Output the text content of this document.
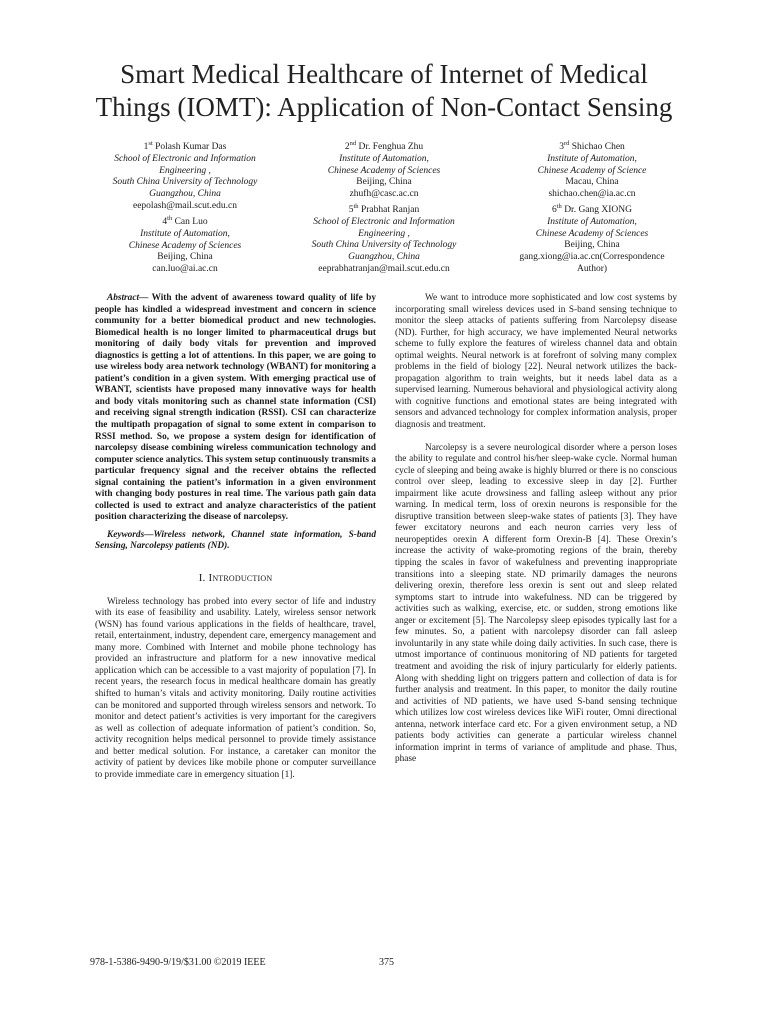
Smart Medical Healthcare of Internet of Medical
Things (IOMT): Application of Non-Contact Sensing
1st Polash Kumar Das
School of Electronic and Information
Engineering ,
South China University of Technology
Guangzhou, China
eepolash@mail.scut.edu.cn
2nd Dr. Fenghua Zhu
Institute of Automation,
Chinese Academy of Sciences
Beijing, China
zhufh@casc.ac.cn
3rd Shichao Chen
Institute of Automation,
Chinese Academy of Science
Macau, China
shichao.chen@ia.ac.cn
4th Can Luo
Institute of Automation,
Chinese Academy of Sciences
Beijing, China
can.luo@ai.ac.cn
5th Prabhat Ranjan
School of Electronic and Information
Engineering ,
South China University of Technology
Guangzhou, China
eeprabhatranjan@mail.scut.edu.cn
6th Dr. Gang XIONG
Institute of Automation,
Chinese Academy of Sciences
Beijing, China
gang.xiong@ia.ac.cn(Correspondence
Author)

Abstract— With the advent of awareness toward quality of life by people has kindled a widespread investment and concern in science community for a better biomedical product and new technologies. Biomedical health is no longer limited to pharmaceutical drugs but monitoring of daily body vitals for prevention and improved diagnostics is getting a lot of attentions. In this paper, we are going to use wireless body area network technology (WBANT) for monitoring a patient’s condition in a given system. With emerging practical use of WBANT, scientists have proposed many innovative ways for health and body vitals monitoring such as channel state information (CSI) and receiving signal strength indication (RSSI). CSI can characterize the multipath propagation of signal to some extent in comparison to RSSI method. So, we propose a system design for identification of narcolepsy disease combining wireless communication technology and computer science analytics. This system setup continuously transmits a particular frequency signal and the receiver obtains the reflected signal containing the patient’s information in a given environment with changing body postures in real time. The various path gain data collected is used to extract and analyze characteristics of the patient position characterizing the disease of narcolepsy.

Keywords—Wireless network, Channel state information, S-band Sensing, Narcolepsy patients (ND).

I. Introduction

Wireless technology has probed into every sector of life and industry with its ease of feasibility and usability. Lately, wireless sensor network (WSN) has found various applications in the fields of healthcare, travel, retail, entertainment, industry, dependent care, emergency management and many more. Combined with Internet and mobile phone technology has provided an infrastructure and platform for a new innovative medical application which can be accessible to a vast majority of population [7]. In recent years, the research focus in medical healthcare domain has greatly shifted to human’s vitals and activity monitoring. Daily routine activities can be monitored and supported through wireless sensors and network. To monitor and detect patient’s activities is very important for the caregivers as well as collection of adequate information of patient’s condition. So, activity recognition helps medical personnel to provide timely assistance and better medical solution. For instance, a caretaker can monitor the activity of patient by devices like mobile phone or computer surveillance to provide immediate care in emergency situation [1].

We want to introduce more sophisticated and low cost systems by incorporating small wireless devices used in S-band sensing technique to monitor the sleep attacks of patients suffering from Narcolepsy disease (ND). Further, for high accuracy, we have implemented Neural networks scheme to fully explore the features of wireless channel data and obtain optimal weights. Neural network is at forefront of solving many complex problems in the field of biology [22]. Neural network utilizes the back-propagation algorithm to train weights, but it needs label data as a supervised learning. Numerous behavioral and physiological activity along with cognitive functions and emotional states are being integrated with sensors and advanced technology for complex information analysis, proper diagnosis and treatment.

Narcolepsy is a severe neurological disorder where a person loses the ability to regulate and control his/her sleep-wake cycle. Normal human cycle of sleeping and being awake is highly blurred or there is no conscious control over sleep, leading to excessive sleep in day [2]. Further impairment like acute drowsiness and falling asleep without any prior warning. In medical term, loss of orexin neurons is responsible for the disruptive transition between sleep-wake states of patients [3]. They have fewer excitatory neurons and each neuron carries very less of neuropeptides orexin A different form Orexin-B [4]. These Orexin’s increase the activity of wake-promoting regions of the brain, thereby tipping the scales in favor of wakefulness and preventing inappropriate transitions into a sleeping state. ND primarily damages the neurons delivering orexin, therefore less orexin is sent out and sleep related symptoms start to intrude into wakefulness. ND can be triggered by activities such as walking, exercise, etc. or sudden, strong emotions like anger or excitement [5]. The Narcolepsy sleep episodes typically last for a few minutes. So, a patient with narcolepsy disorder can fall asleep involuntarily in any state while doing daily activities. In such case, there is utmost importance of continuous monitoring of ND patients for targeted treatment and avoiding the risk of injury particularly for elderly patients. Along with shedding light on triggers pattern and collection of data is for further analysis and treatment. In this paper, to monitor the daily routine and activities of ND patients, we have used S-band sensing technique which utilizes low cost wireless devices like WiFi router, Omni directional antenna, network interface card etc. For a given environment setup, a ND patients body activities can generate a particular wireless channel information imprint in terms of variance of amplitude and phase. Thus, phase

978-1-5386-9490-9/19/$31.00 ©2019 IEEE	375
